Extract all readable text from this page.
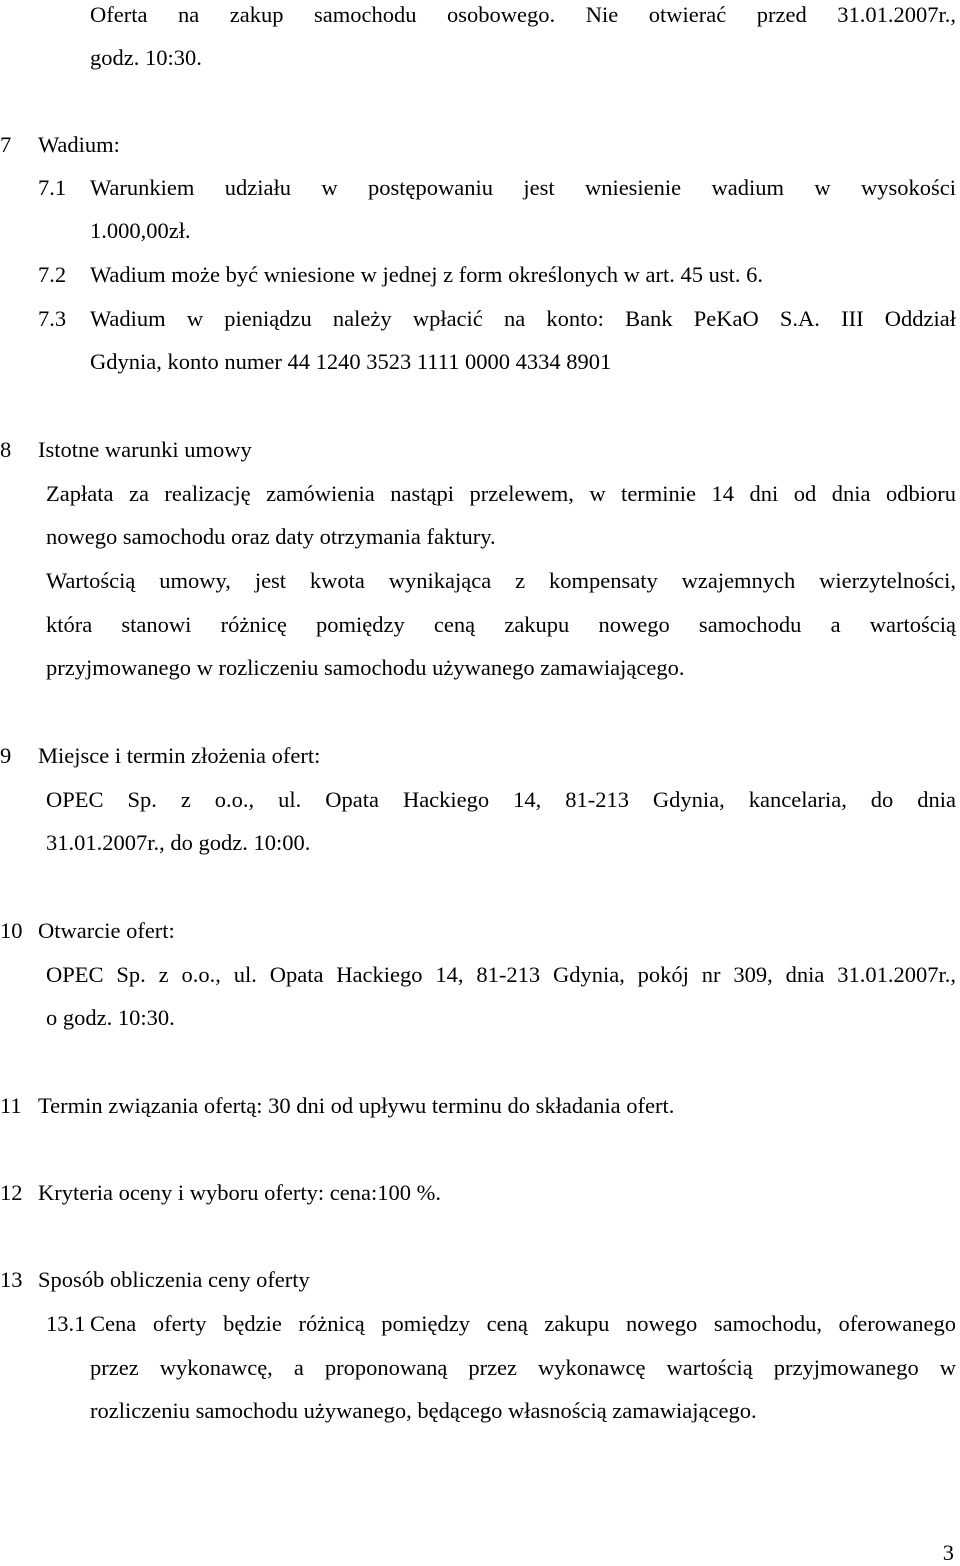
Oferta na zakup samochodu osobowego. Nie otwierać przed 31.01.2007r.,
godz. 10:30.
7 Wadium:
7.1 Warunkiem udziału w postępowaniu jest wniesienie wadium w wysokości
1.000,00zł.
7.2 Wadium może być wniesione w jednej z form określonych w art. 45 ust. 6.
7.3 Wadium w pieniądzu należy wpłacić na konto: Bank PeKaO S.A. III Oddział
Gdynia, konto numer 44 1240 3523 1111 0000 4334 8901
8 Istotne warunki umowy
Zapłata za realizację zamówienia nastąpi przelewem, w terminie 14 dni od dnia odbioru
nowego samochodu oraz daty otrzymania faktury.
Wartością umowy, jest kwota wynikająca z kompensaty wzajemnych wierzytelności,
która stanowi różnicę pomiędzy ceną zakupu nowego samochodu a wartością
przyjmowanego w rozliczeniu samochodu używanego zamawiającego.
9 Miejsce i termin złożenia ofert:
OPEC Sp. z o.o., ul. Opata Hackiego 14, 81-213 Gdynia, kancelaria, do dnia
31.01.2007r., do godz. 10:00.
10 Otwarcie ofert:
OPEC Sp. z o.o., ul. Opata Hackiego 14, 81-213 Gdynia, pokój nr 309, dnia 31.01.2007r.,
o godz. 10:30.
11 Termin związania ofertą: 30 dni od upływu terminu do składania ofert.
12 Kryteria oceny i wyboru oferty: cena:100 %.
13 Sposób obliczenia ceny oferty
13.1 Cena oferty będzie różnicą pomiędzy ceną zakupu nowego samochodu, oferowanego
przez wykonawcę, a proponowaną przez wykonawcę wartością przyjmowanego w
rozliczeniu samochodu używanego, będącego własnością zamawiającego.
3
